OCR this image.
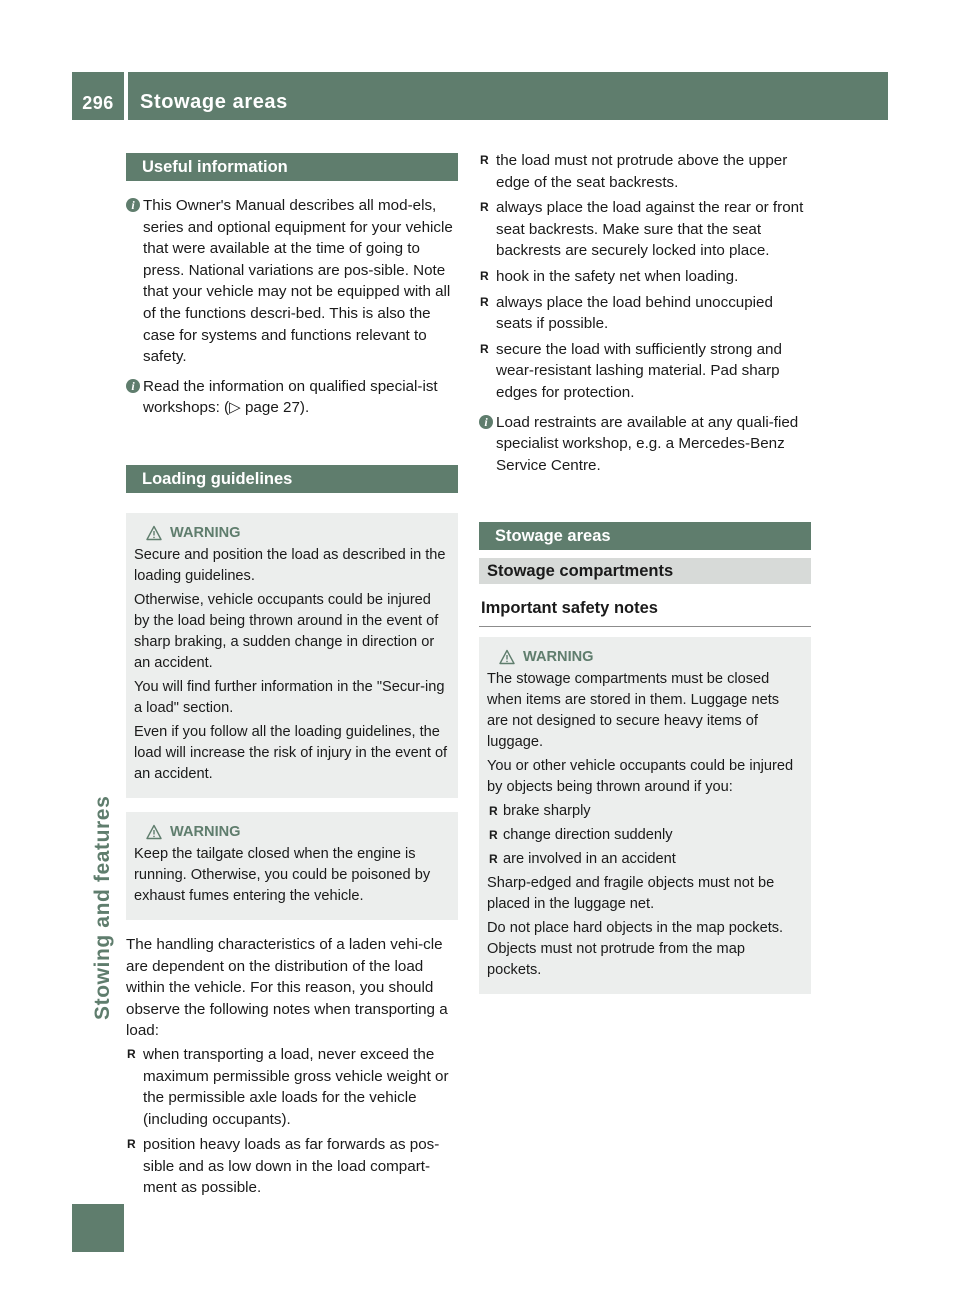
296	Stowage areas
Stowing and features
Useful information
i This Owner's Manual describes all mod-els, series and optional equipment for your vehicle that were available at the time of going to press. National variations are pos-sible. Note that your vehicle may not be equipped with all of the functions descri-bed. This is also the case for systems and functions relevant to safety.
i Read the information on qualified special-ist workshops: (▷ page 27).
Loading guidelines
WARNING

Secure and position the load as described in the loading guidelines.

Otherwise, vehicle occupants could be injured by the load being thrown around in the event of sharp braking, a sudden change in direction or an accident.

You will find further information in the "Secur-ing a load" section.

Even if you follow all the loading guidelines, the load will increase the risk of injury in the event of an accident.

WARNING

Keep the tailgate closed when the engine is running. Otherwise, you could be poisoned by exhaust fumes entering the vehicle.

The handling characteristics of a laden vehi-cle are dependent on the distribution of the load within the vehicle. For this reason, you should observe the following notes when transporting a load:

R when transporting a load, never exceed the maximum permissible gross vehicle weight or the permissible axle loads for the vehicle (including occupants).
R position heavy loads as far forwards as pos-sible and as low down in the load compart-ment as possible.
R the load must not protrude above the upper edge of the seat backrests.
R always place the load against the rear or front seat backrests. Make sure that the seat backrests are securely locked into place.
R hook in the safety net when loading.
R always place the load behind unoccupied seats if possible.
R secure the load with sufficiently strong and wear-resistant lashing material. Pad sharp edges for protection.
i Load restraints are available at any quali-fied specialist workshop, e.g. a Mercedes-Benz Service Centre.
Stowage areas
Stowage compartments
Important safety notes
WARNING

The stowage compartments must be closed when items are stored in them. Luggage nets are not designed to secure heavy items of luggage.

You or other vehicle occupants could be injured by objects being thrown around if you:

R brake sharply
R change direction suddenly
R are involved in an accident

Sharp-edged and fragile objects must not be placed in the luggage net.

Do not place hard objects in the map pockets. Objects must not protrude from the map pockets.
